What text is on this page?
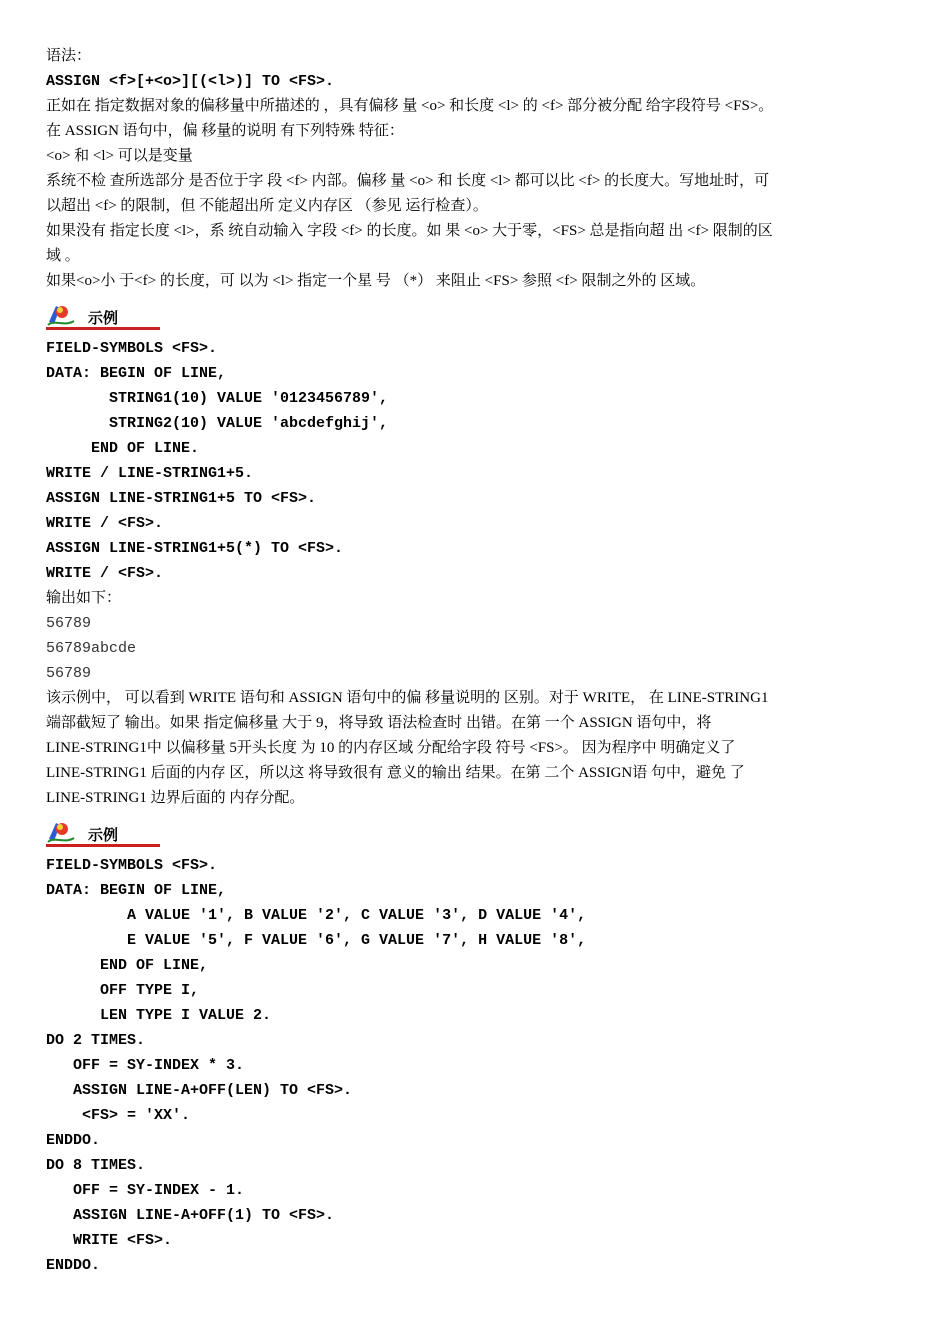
语法：

ASSIGN <f>[+<o>][(<l>)] TO <FS>.

正如在 指定数据对象的偏移量中所描述的 ，具有偏移 量 <o> 和长度 <l> 的 <f> 部分被分配 给字段符号 <FS>。

在 ASSIGN 语句中，偏 移量的说明 有下列特殊 特征：

<o> 和 <l> 可以是变量

系统不检 查所选部分 是否位于字 段 <f> 内部。偏移 量 <o> 和 长度 <l> 都可以比 <f> 的长度大。写地址时，可

以超出 <f> 的限制，但 不能超出所 定义内存区 （参见 运行检查）。

如果没有 指定长度 <l>，系 统自动输入 字段 <f> 的长度。如 果 <o> 大于零，<FS> 总是指向超 出 <f> 限制的区

域 。

如果<o>小 于<f> 的长度，可 以为 <l> 指定一个星 号 （*） 来阻止 <FS> 参照 <f> 限制之外的 区域。

示例

FIELD-SYMBOLS <FS>.

DATA: BEGIN OF LINE,

STRING1(10) VALUE '0123456789',

STRING2(10) VALUE 'abcdefghij',

END OF LINE.

WRITE / LINE-STRING1+5.

ASSIGN LINE-STRING1+5 TO <FS>.

WRITE / <FS>.

ASSIGN LINE-STRING1+5(*) TO <FS>.

WRITE / <FS>.

输出如下：

56789

56789abcde

56789

该示例中， 可以看到 WRITE 语句和 ASSIGN 语句中的偏 移量说明的 区别。对于 WRITE， 在 LINE-STRING1

端部截短了 输出。如果 指定偏移量 大于 9，将导致 语法检查时 出错。在第 一个 ASSIGN 语句中，将

LINE-STRING1中 以偏移量 5开头长度 为 10 的内存区域 分配给字段 符号 <FS>。 因为程序中 明确定义了

LINE-STRING1 后面的内存 区，所以这 将导致很有 意义的输出 结果。在第 二个 ASSIGN语 句中，避免 了

LINE-STRING1 边界后面的 内存分配。

示例

FIELD-SYMBOLS <FS>.

DATA: BEGIN OF LINE,

A VALUE '1', B VALUE '2', C VALUE '3', D VALUE '4',

E VALUE '5', F VALUE '6', G VALUE '7', H VALUE '8',

END OF LINE,

OFF TYPE I,

LEN TYPE I VALUE 2.

DO 2 TIMES.

OFF = SY-INDEX * 3.

ASSIGN LINE-A+OFF(LEN) TO <FS>.

<FS> = 'XX'.

ENDDO.

DO 8 TIMES.

OFF = SY-INDEX - 1.

ASSIGN LINE-A+OFF(1) TO <FS>.

WRITE <FS>.

ENDDO.
